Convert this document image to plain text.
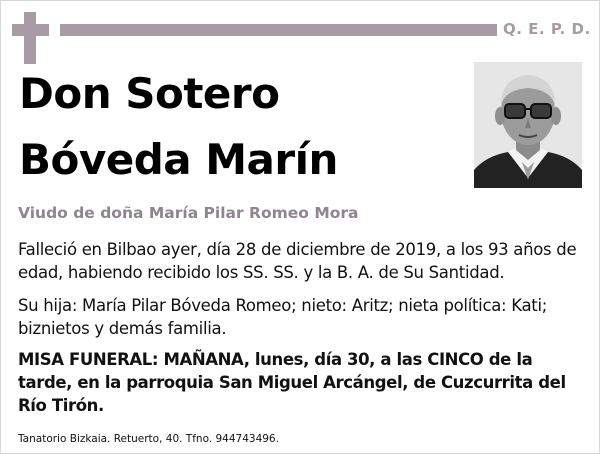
Q. E. P. D.
Don Sotero
Bóveda Marín
Viudo de doña María Pilar Romeo Mora
Falleció en Bilbao ayer, día 28 de diciembre de 2019, a los 93 años de edad, habiendo recibido los SS. SS. y la B. A. de Su Santidad.
Su hija: María Pilar Bóveda Romeo; nieto: Aritz; nieta política: Kati; biznietos y demás familia.
MISA FUNERAL: MAÑANA, lunes, día 30, a las CINCO de la tarde, en la parroquia San Miguel Arcángel, de Cuzcurrita del Río Tirón.
Tanatorio Bizkaia. Retuerto, 40. Tfno. 944743496.
